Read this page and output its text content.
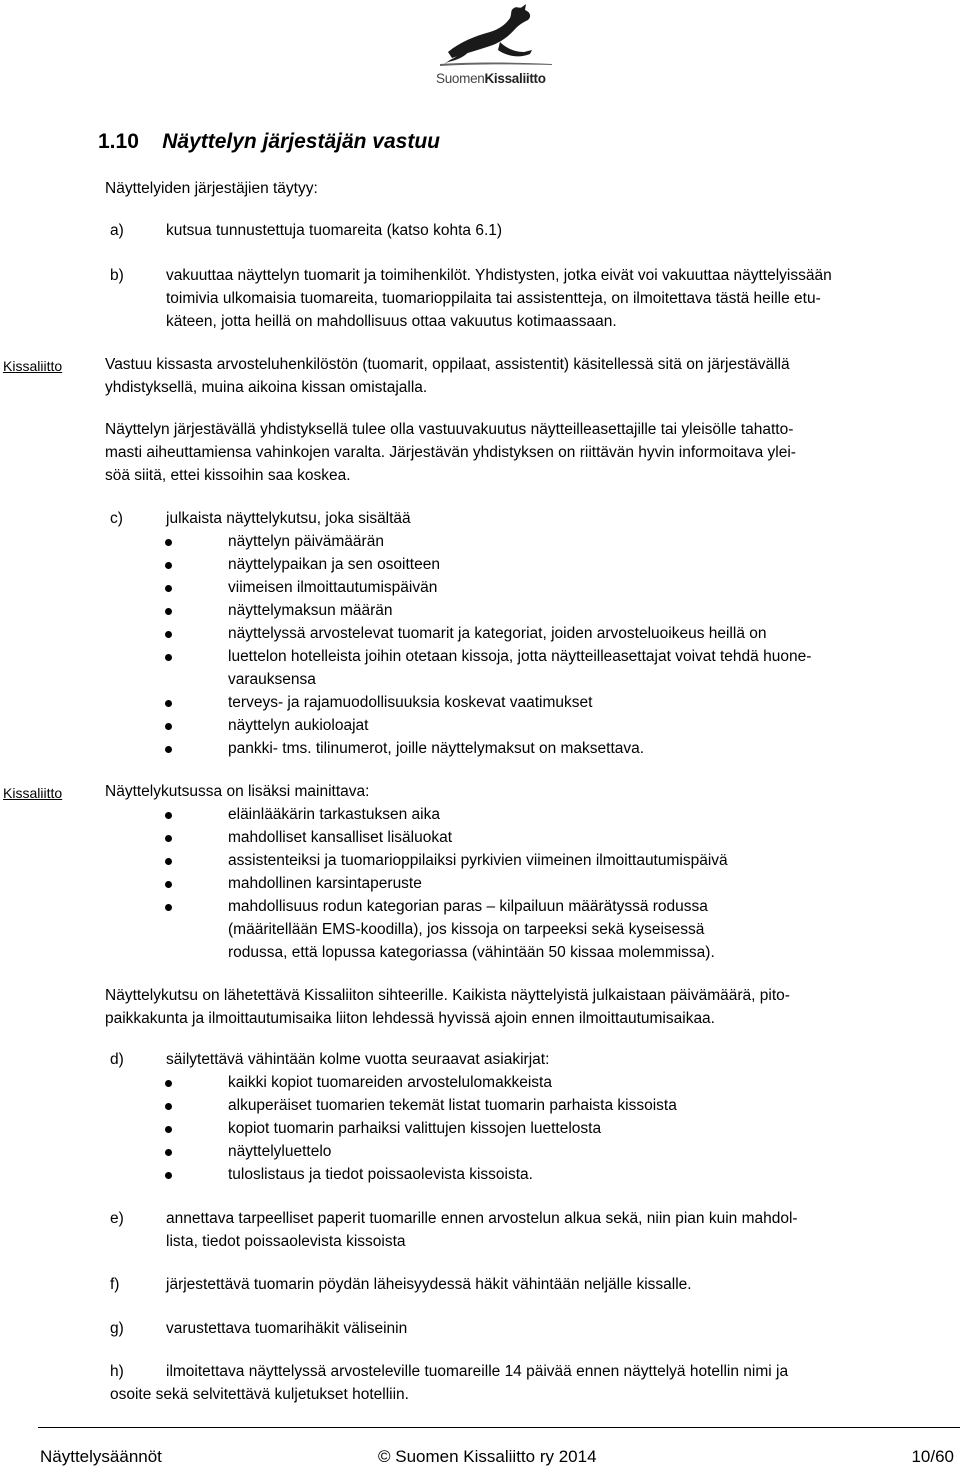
SuomenKissaliitto
1.10 Näyttelyn järjestäjän vastuu
Näyttelyiden järjestäjien täytyy:
a)	kutsua tunnustettuja tuomareita (katso kohta 6.1)
b)	vakuuttaa näyttelyn tuomarit ja toimihenkilöt. Yhdistysten, jotka eivät voi vakuuttaa näyttelyissään
toimivia ulkomaisia tuomareita, tuomarioppilaita tai assistentteja, on ilmoitettava tästä heille etu-
käteen, jotta heillä on mahdollisuus ottaa vakuutus kotimaassaan.
Kissaliitto	Vastuu kissasta arvosteluhenkilöstön (tuomarit, oppilaat, assistentit) käsitellessä sitä on järjestävällä
yhdistyksellä, muina aikoina kissan omistajalla.
Näyttelyn järjestävällä yhdistyksellä tulee olla vastuuvakuutus näytteilleasettajille tai yleisölle tahatto-
masti aiheuttamiensa vahinkojen varalta. Järjestävän yhdistyksen on riittävän hyvin informoitava ylei-
söä siitä, ettei kissoihin saa koskea.
c)	julkaista näyttelykutsu, joka sisältää
näyttelyn päivämäärän
näyttelypaikan ja sen osoitteen
viimeisen ilmoittautumispäivän
näyttelymaksun määrän
näyttelyssä arvostelevat tuomarit ja kategoriat, joiden arvosteluoikeus heillä on
luettelon hotelleista joihin otetaan kissoja, jotta näytteilleasettajat voivat tehdä huone-
varauksensa
terveys- ja rajamuodollisuuksia koskevat vaatimukset
näyttelyn aukioloajat
pankki- tms. tilinumerot, joille näyttelymaksut on maksettava.
Kissaliitto	Näyttelykutsussa on lisäksi mainittava:
eläinlääkärin tarkastuksen aika
mahdolliset kansalliset lisäluokat
assistenteiksi ja tuomarioppilaiksi pyrkivien viimeinen ilmoittautumispäivä
mahdollinen karsintaperuste
mahdollisuus rodun kategorian paras – kilpailuun määrätyssä rodussa
(määritellään EMS-koodilla), jos kissoja on tarpeeksi sekä kyseisessä
rodussa, että lopussa kategoriassa (vähintään 50 kissaa molemmissa).
Näyttelykutsu on lähetettävä Kissaliiton sihteerille. Kaikista näyttelyistä julkaistaan päivämäärä, pito-
paikkakunta ja ilmoittautumisaika liiton lehdessä hyvissä ajoin ennen ilmoittautumisaikaa.
d)	säilytettävä vähintään kolme vuotta seuraavat asiakirjat:
kaikki kopiot tuomareiden arvostelulomakkeista
alkuperäiset tuomarien tekemät listat tuomarin parhaista kissoista
kopiot tuomarin parhaiksi valittujen kissojen luettelosta
näyttelyluettelo
tuloslistaus ja tiedot poissaolevista kissoista.
e)	annettava tarpeelliset paperit tuomarille ennen arvostelun alkua sekä, niin pian kuin mahdol-
lista, tiedot poissaolevista kissoista
f)	järjestettävä tuomarin pöydän läheisyydessä häkit vähintään neljälle kissalle.
g)	varustettava tuomarihäkit väliseinin
h)	ilmoitettava näyttelyssä arvosteleville tuomareille 14 päivää ennen näyttelyä hotellin nimi ja
osoite sekä selvitettävä kuljetukset hotelliin.
Näyttelysäännöt	© Suomen Kissaliitto ry 2014	10/60
